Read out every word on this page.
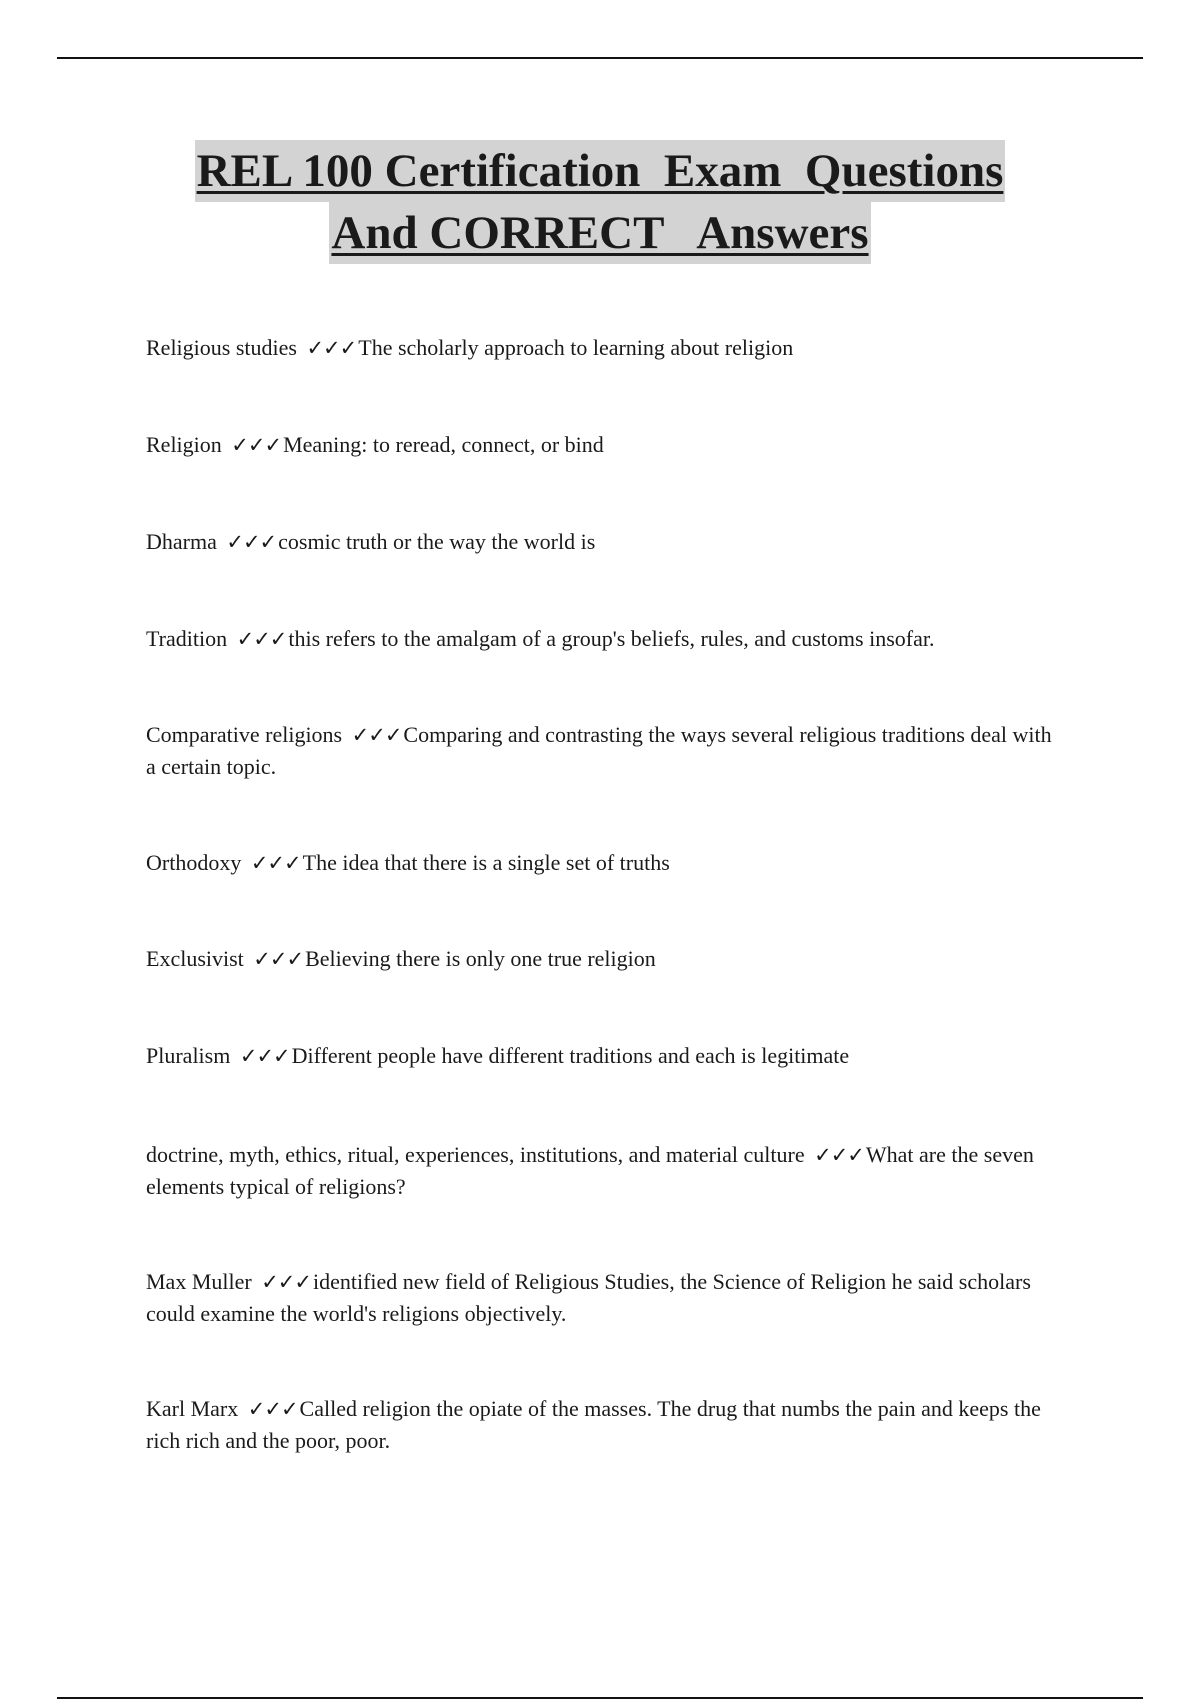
REL 100 Certification  Exam  Questions
And CORRECT   Answers

Religious studies ✓✓✓The scholarly approach to learning about religion

Religion ✓✓✓Meaning: to reread, connect, or bind

Dharma ✓✓✓cosmic truth or the way the world is

Tradition ✓✓✓this refers to the amalgam of a group's beliefs, rules, and customs insofar.

Comparative religions ✓✓✓Comparing and contrasting the ways several religious traditions deal with a certain topic.

Orthodoxy ✓✓✓The idea that there is a single set of truths

Exclusivist ✓✓✓Believing there is only one true religion

Pluralism ✓✓✓Different people have different traditions and each is legitimate

doctrine, myth, ethics, ritual, experiences, institutions, and material culture ✓✓✓What are the seven elements typical of religions?

Max Muller ✓✓✓identified new field of Religious Studies, the Science of Religion he said scholars could examine the world's religions objectively.

Karl Marx ✓✓✓Called religion the opiate of the masses. The drug that numbs the pain and keeps the rich rich and the poor, poor.
